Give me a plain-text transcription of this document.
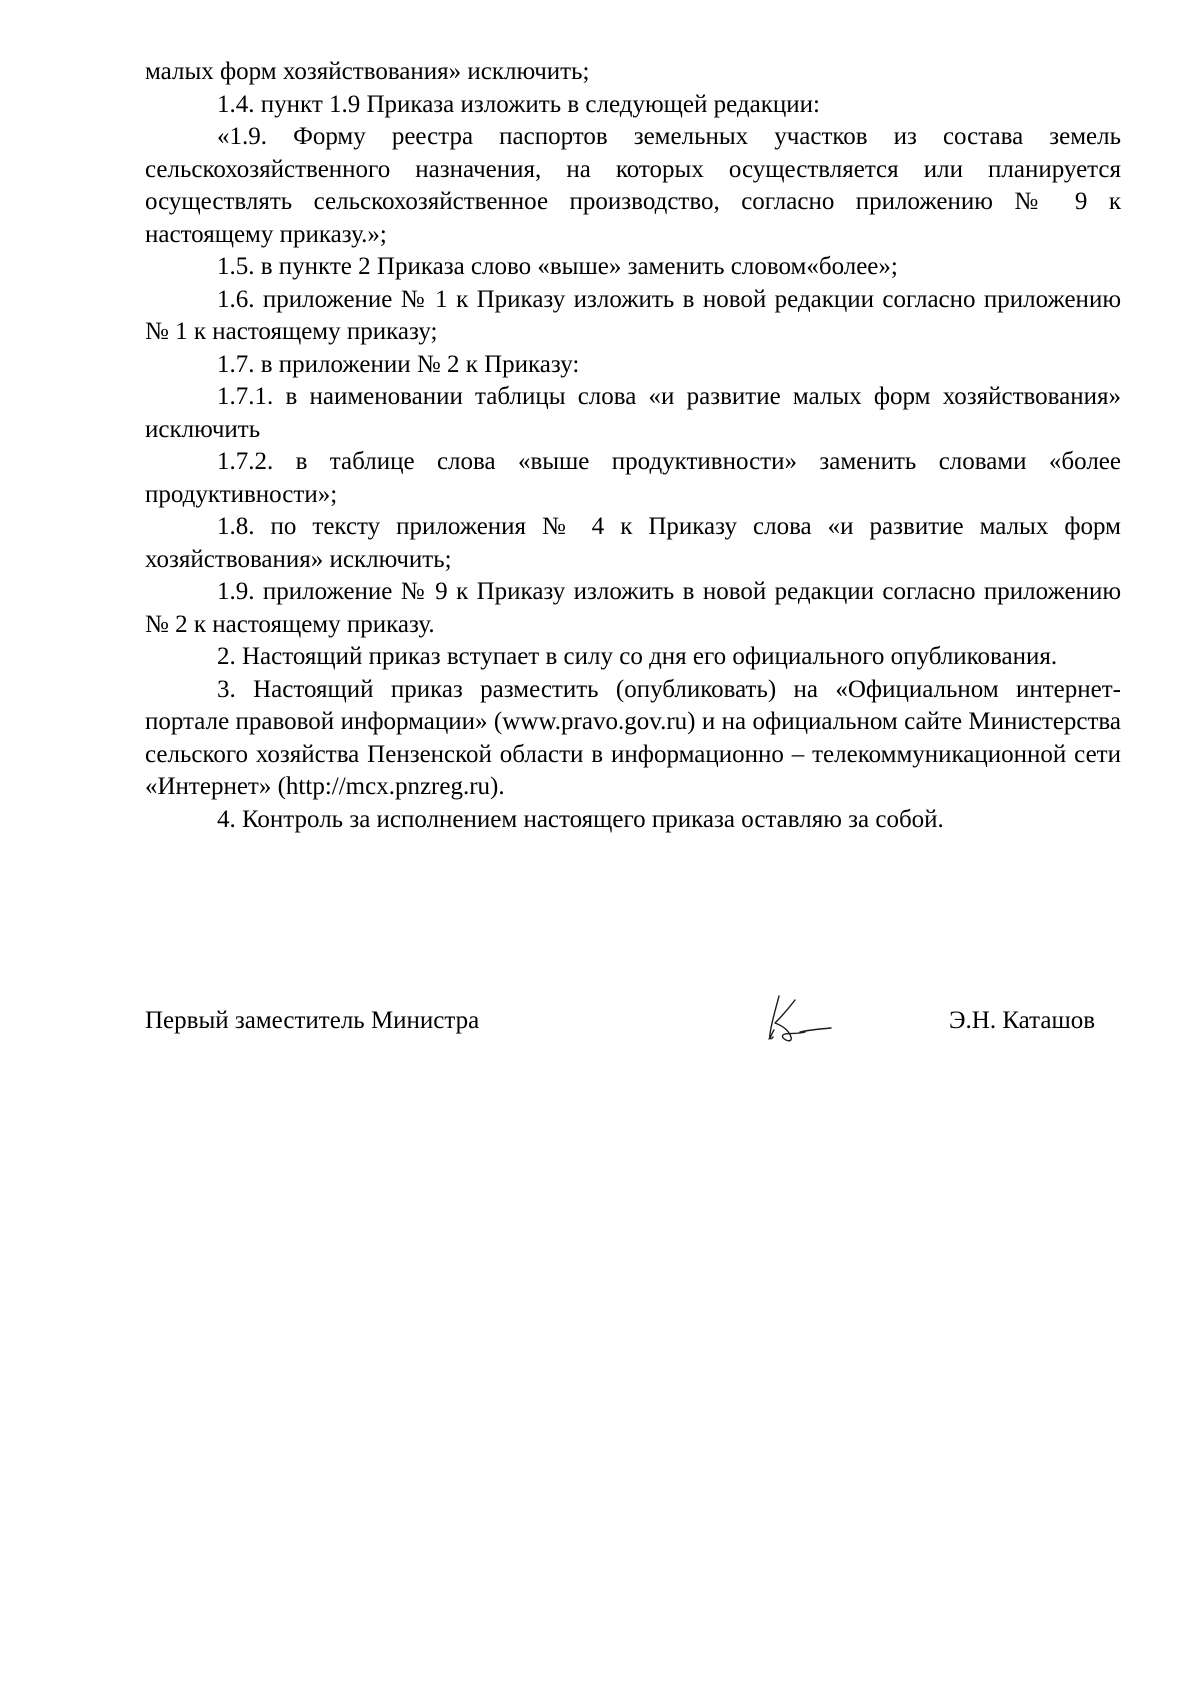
малых форм хозяйствования» исключить;

1.4. пункт 1.9 Приказа изложить в следующей редакции:

«1.9. Форму реестра паспортов земельных участков из состава земель сельскохозяйственного назначения, на которых осуществляется или планируется осуществлять сельскохозяйственное производство, согласно приложению № 9 к настоящему приказу.»;

1.5. в пункте 2 Приказа слово «выше» заменить словом«более»;

1.6. приложение № 1 к Приказу изложить в новой редакции согласно приложению № 1 к настоящему приказу;

1.7. в приложении № 2 к Приказу:

1.7.1. в наименовании таблицы слова «и развитие малых форм хозяйствования» исключить

1.7.2. в таблице слова «выше продуктивности» заменить словами «более продуктивности»;

1.8. по тексту приложения № 4 к Приказу слова «и развитие малых форм хозяйствования» исключить;

1.9. приложение № 9 к Приказу изложить в новой редакции согласно приложению № 2 к настоящему приказу.

2. Настоящий приказ вступает в силу со дня его официального опубликования.

3. Настоящий приказ разместить (опубликовать) на «Официальном интернет-портале правовой информации» (www.pravo.gov.ru) и на официальном сайте Министерства сельского хозяйства Пензенской области в информационно – телекоммуникационной сети «Интернет» (http://mcx.pnzreg.ru).

4. Контроль за исполнением настоящего приказа оставляю за собой.

Первый заместитель Министра	Э.Н. Каташов
